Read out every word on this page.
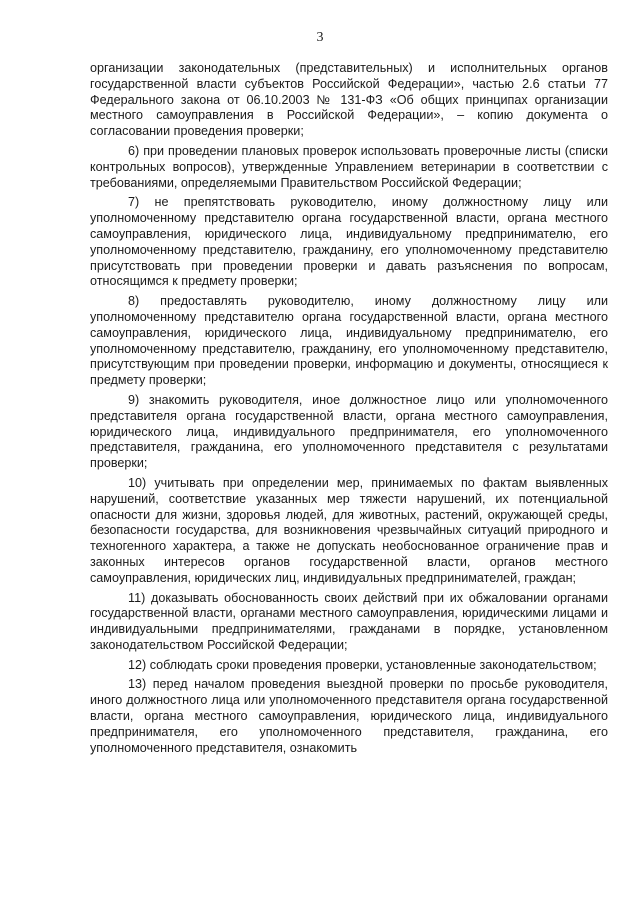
3

организации законодательных (представительных) и исполнительных органов государственной власти субъектов Российской Федерации», частью 2.6 статьи 77 Федерального закона от 06.10.2003 № 131-ФЗ «Об общих принципах организации местного самоуправления в Российской Федерации», – копию документа о согласовании проведения проверки;

6) при проведении плановых проверок использовать проверочные листы (списки контрольных вопросов), утвержденные Управлением ветеринарии в соответствии с требованиями, определяемыми Правительством Российской Федерации;

7) не препятствовать руководителю, иному должностному лицу или уполномоченному представителю органа государственной власти, органа местного самоуправления, юридического лица, индивидуальному предпринимателю, его уполномоченному представителю, гражданину, его уполномоченному представителю присутствовать при проведении проверки и давать разъяснения по вопросам, относящимся к предмету проверки;

8) предоставлять руководителю, иному должностному лицу или уполномоченному представителю органа государственной власти, органа местного самоуправления, юридического лица, индивидуальному предпринимателю, его уполномоченному представителю, гражданину, его уполномоченному представителю, присутствующим при проведении проверки, информацию и документы, относящиеся к предмету проверки;

9) знакомить руководителя, иное должностное лицо или уполномоченного представителя органа государственной власти, органа местного самоуправления, юридического лица, индивидуального предпринимателя, его уполномоченного представителя, гражданина, его уполномоченного представителя с результатами проверки;

10) учитывать при определении мер, принимаемых по фактам выявленных нарушений, соответствие указанных мер тяжести нарушений, их потенциальной опасности для жизни, здоровья людей, для животных, растений, окружающей среды, безопасности государства, для возникновения чрезвычайных ситуаций природного и техногенного характера, а также не допускать необоснованное ограничение прав и законных интересов органов государственной власти, органов местного самоуправления, юридических лиц, индивидуальных предпринимателей, граждан;

11) доказывать обоснованность своих действий при их обжаловании органами государственной власти, органами местного самоуправления, юридическими лицами и индивидуальными предпринимателями, гражданами в порядке, установленном законодательством Российской Федерации;

12) соблюдать сроки проведения проверки, установленные законодательством;

13) перед началом проведения выездной проверки по просьбе руководителя, иного должностного лица или уполномоченного представителя органа государственной власти, органа местного самоуправления, юридического лица, индивидуального предпринимателя, его уполномоченного представителя, гражданина, его уполномоченного представителя, ознакомить
